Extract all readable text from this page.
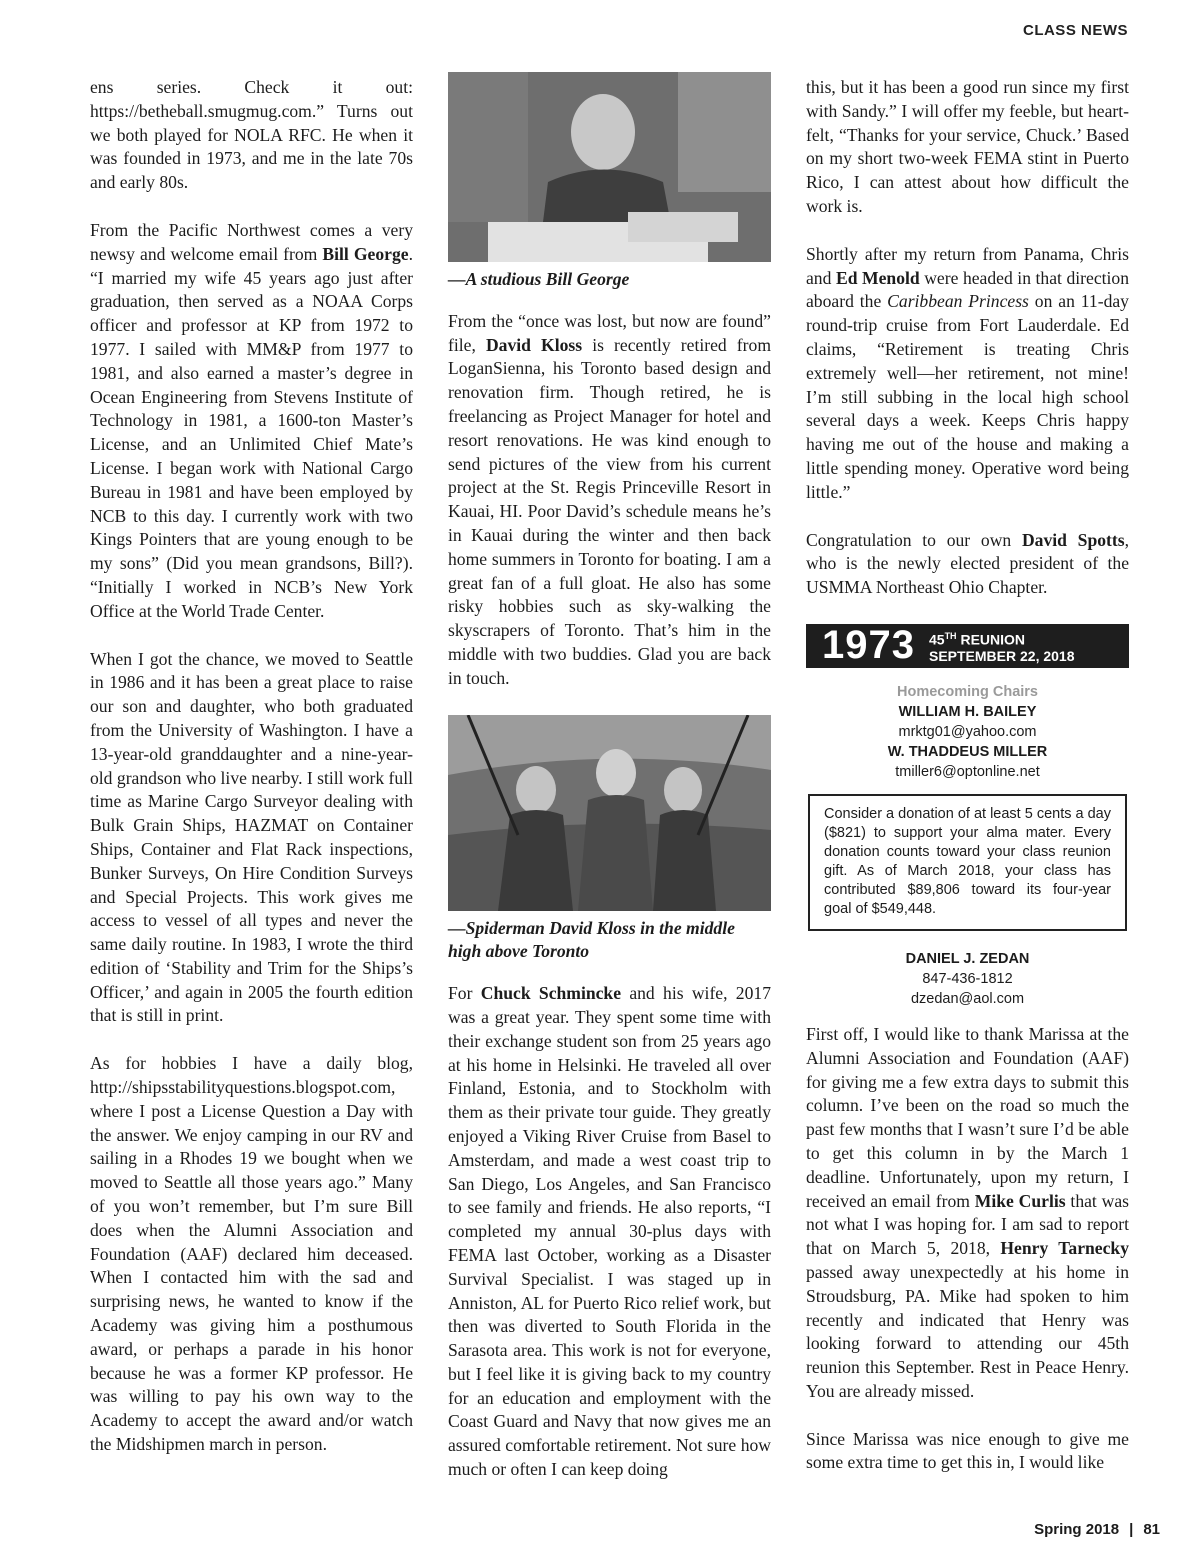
CLASS NEWS

ens series. Check it out: https://betheball.smugmug.com.” Turns out we both played for NOLA RFC. He when it was founded in 1973, and me in the late 70s and early 80s.

From the Pacific Northwest comes a very newsy and welcome email from Bill George. “I married my wife 45 years ago just after graduation, then served as a NOAA Corps officer and professor at KP from 1972 to 1977. I sailed with MM&P from 1977 to 1981, and also earned a master’s degree in Ocean Engineering from Stevens Institute of Technology in 1981, a 1600-ton Master’s License, and an Unlimited Chief Mate’s License. I began work with National Cargo Bureau in 1981 and have been employed by NCB to this day. I currently work with two Kings Pointers that are young enough to be my sons” (Did you mean grandsons, Bill?). “Initially I worked in NCB’s New York Office at the World Trade Center.

When I got the chance, we moved to Seattle in 1986 and it has been a great place to raise our son and daughter, who both graduated from the University of Washington. I have a 13-year-old granddaughter and a nine-year-old grandson who live nearby. I still work full time as Marine Cargo Surveyor dealing with Bulk Grain Ships, HAZMAT on Container Ships, Container and Flat Rack inspections, Bunker Surveys, On Hire Condition Surveys and Special Projects. This work gives me access to vessel of all types and never the same daily routine. In 1983, I wrote the third edition of ‘Stability and Trim for the Ships’s Officer,’ and again in 2005 the fourth edition that is still in print.

As for hobbies I have a daily blog, http://shipsstabilityquestions.blogspot.com, where I post a License Question a Day with the answer. We enjoy camping in our RV and sailing in a Rhodes 19 we bought when we moved to Seattle all those years ago.” Many of you won’t remember, but I’m sure Bill does when the Alumni Association and Foundation (AAF) declared him deceased. When I contacted him with the sad and surprising news, he wanted to know if the Academy was giving him a posthumous award, or perhaps a parade in his honor because he was a former KP professor. He was willing to pay his own way to the Academy to accept the award and/or watch the Midshipmen march in person.

—A studious Bill George

From the “once was lost, but now are found” file, David Kloss is recently retired from LoganSienna, his Toronto based design and renovation firm. Though retired, he is freelancing as Project Manager for hotel and resort renovations. He was kind enough to send pictures of the view from his current project at the St. Regis Princeville Resort in Kauai, HI. Poor David’s schedule means he’s in Kauai during the winter and then back home summers in Toronto for boating. I am a great fan of a full gloat. He also has some risky hobbies such as sky-walking the skyscrapers of Toronto. That’s him in the middle with two buddies. Glad you are back in touch.

—Spiderman David Kloss in the middle high above Toronto

For Chuck Schmincke and his wife, 2017 was a great year. They spent some time with their exchange student son from 25 years ago at his home in Helsinki. He traveled all over Finland, Estonia, and to Stockholm with them as their private tour guide. They greatly enjoyed a Viking River Cruise from Basel to Amsterdam, and made a west coast trip to San Diego, Los Angeles, and San Francisco to see family and friends. He also reports, “I completed my annual 30-plus days with FEMA last October, working as a Disaster Survival Specialist. I was staged up in Anniston, AL for Puerto Rico relief work, but then was diverted to South Florida in the Sarasota area. This work is not for everyone, but I feel like it is giving back to my country for an education and employment with the Coast Guard and Navy that now gives me an assured comfortable retirement. Not sure how much or often I can keep doing

this, but it has been a good run since my first with Sandy.” I will offer my feeble, but heart-felt, “Thanks for your service, Chuck.’ Based on my short two-week FEMA stint in Puerto Rico, I can attest about how difficult the work is.

Shortly after my return from Panama, Chris and Ed Menold were headed in that direction aboard the Caribbean Princess on an 11-day round-trip cruise from Fort Lauderdale. Ed claims, “Retirement is treating Chris extremely well—her retirement, not mine! I’m still subbing in the local high school several days a week. Keeps Chris happy having me out of the house and making a little spending money. Operative word being little.”

Congratulation to our own David Spotts, who is the newly elected president of the USMMA Northeast Ohio Chapter.

1973	45TH REUNION
SEPTEMBER 22, 2018
Homecoming Chairs
WILLIAM H. BAILEY
mrktg01@yahoo.com
W. THADDEUS MILLER
tmiller6@optonline.net
Consider a donation of at least 5 cents a day ($821) to support your alma mater. Every donation counts toward your class reunion gift. As of March 2018, your class has contributed $89,806 toward its four-year goal of $549,448.
DANIEL J. ZEDAN
847-436-1812
dzedan@aol.com

First off, I would like to thank Marissa at the Alumni Association and Foundation (AAF) for giving me a few extra days to submit this column. I’ve been on the road so much the past few months that I wasn’t sure I’d be able to get this column in by the March 1 deadline. Unfortunately, upon my return, I received an email from Mike Curlis that was not what I was hoping for. I am sad to report that on March 5, 2018, Henry Tarnecky passed away unexpectedly at his home in Stroudsburg, PA. Mike had spoken to him recently and indicated that Henry was looking forward to attending our 45th reunion this September. Rest in Peace Henry. You are already missed.

Since Marissa was nice enough to give me some extra time to get this in, I would like

Spring 2018 | 81
